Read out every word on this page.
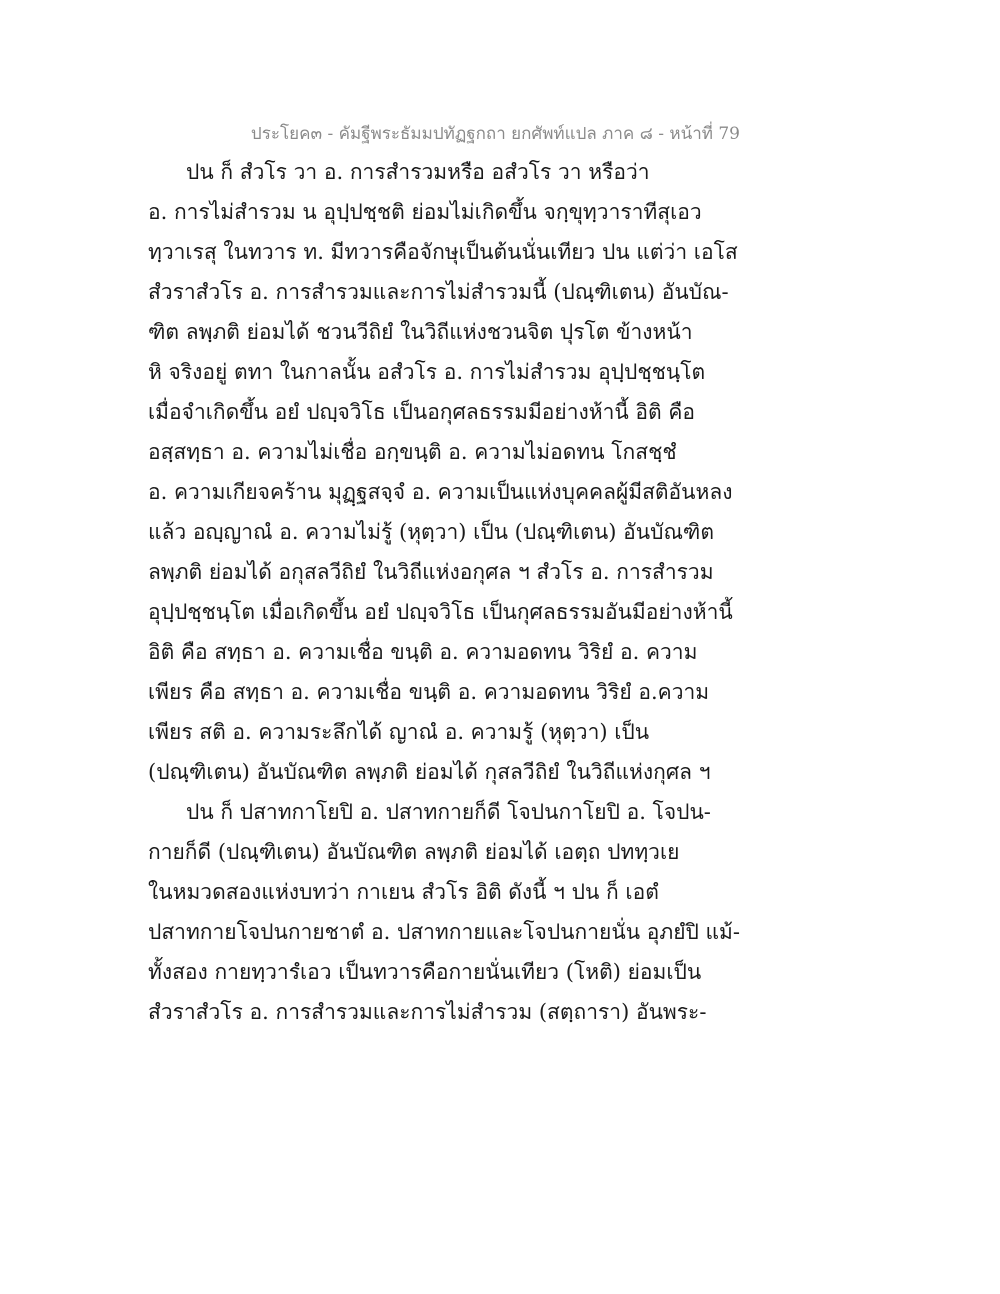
ประโยค๓ - คัมฐีพระธัมมปทัฏฐกถา ยกศัพท์แปล ภาค ๘ - หน้าที่ 79
ปน ก็ สํวโร วา อ. การสำรวมหรือ อสํวโร วา หรือว่า
อ. การไม่สำรวม น อุปฺปชฺชติ ย่อมไม่เกิดขึ้น จกฺขุทฺวาราทีสุเอว
ทฺวาเรสุ ในทวาร ท. มีทวารคือจักษุเป็นต้นนั่นเทียว ปน แต่ว่า เอโส
สํวราสํวโร อ. การสำรวมและการไม่สำรวมนี้ (ปณฺฑิเตน) อันบัณ-
ฑิต ลพฺภติ ย่อมได้ ชวนวีถิยํ ในวิถีแห่งชวนจิต ปุรโต ข้างหน้า
หิ จริงอยู่ ตทา ในกาลนั้น อสํวโร อ. การไม่สำรวม อุปฺปชฺชนฺโต
เมื่อจำเกิดขึ้น อยํ ปญฺจวิโธ เป็นอกุศลธรรมมีอย่างห้านี้ อิติ คือ
อสฺสทฺธา อ. ความไม่เชื่อ อกฺขนฺติ อ. ความไม่อดทน โกสชฺชํ
อ. ความเกียจคร้าน มุฏฺฐสจฺจํ อ. ความเป็นแห่งบุคคลผู้มีสติอันหลง
แล้ว อญฺญาณํ อ. ความไม่รู้ (หุตฺวา) เป็น (ปณฺฑิเตน) อันบัณฑิต
ลพฺภติ ย่อมได้ อกุสลวีถิยํ ในวิถีแห่งอกุศล ฯ สํวโร อ. การสำรวม
อุปฺปชฺชนฺโต เมื่อเกิดขึ้น อยํ ปญฺจวิโธ เป็นกุศลธรรมอันมีอย่างห้านี้
อิติ คือ สทฺธา อ. ความเชื่อ ขนฺติ อ. ความอดทน วิริยํ อ. ความ
เพียร คือ สทฺธา อ. ความเชื่อ ขนฺติ อ. ความอดทน วิริยํ อ.ความ
เพียร สติ อ. ความระลึกได้ ญาณํ อ. ความรู้ (หุตฺวา) เป็น
(ปณฺฑิเตน) อันบัณฑิต ลพฺภติ ย่อมได้ กุสลวีถิยํ ในวิถีแห่งกุศล ฯ
ปน ก็ ปสาทกาโยปิ อ. ปสาทกายก็ดี โจปนกาโยปิ อ. โจปน-
กายก็ดี (ปณฺฑิเตน) อันบัณฑิต ลพฺภติ ย่อมได้ เอตฺถ ปททฺวเย
ในหมวดสองแห่งบทว่า กาเยน สํวโร อิติ ดังนี้ ฯ ปน ก็ เอตํ
ปสาทกายโจปนกายชาตํ อ. ปสาทกายและโจปนกายนั่น อุภยํปิ แม้-
ทั้งสอง กายทฺวารํเอว เป็นทวารคือกายนั่นเทียว (โหติ) ย่อมเป็น
สํวราสํวโร อ. การสำรวมและการไม่สำรวม (สตฺถารา) อันพระ-
